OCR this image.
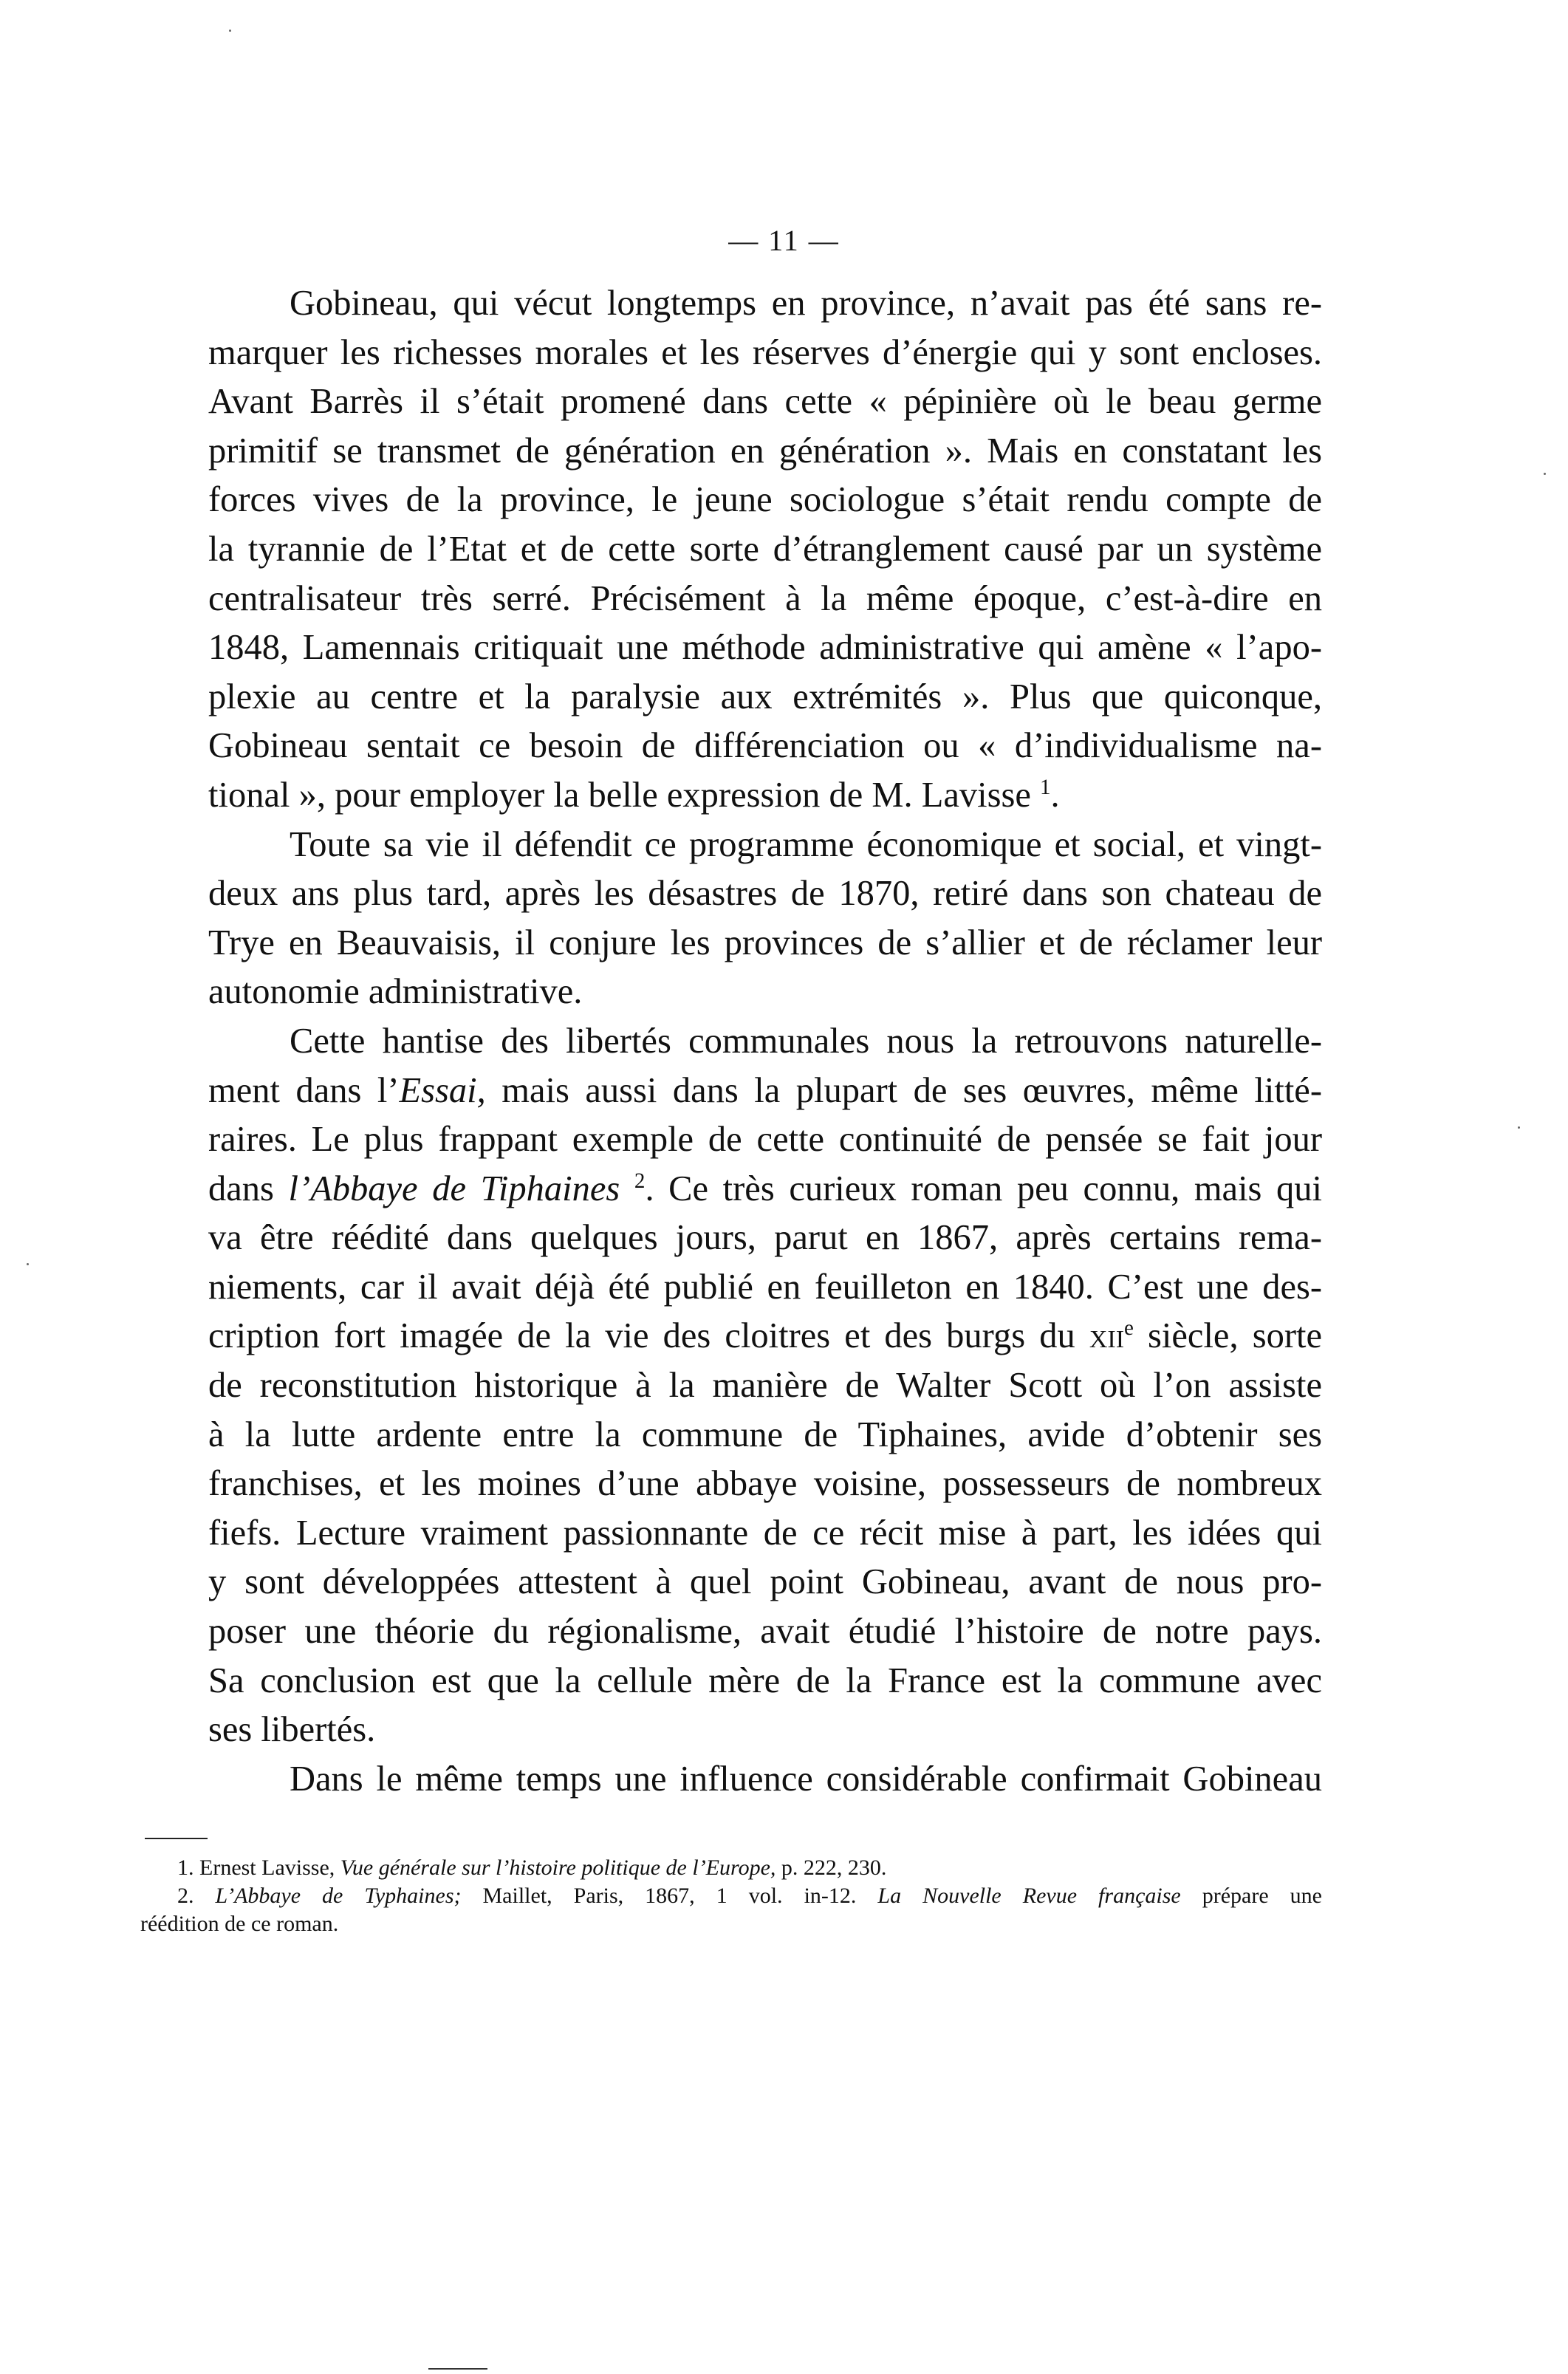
— 11 —

Gobineau, qui vécut longtemps en province, n’avait pas été sans re-
marquer les richesses morales et les réserves d’énergie qui y sont encloses.
Avant Barrès il s’était promené dans cette « pépinière où le beau germe
primitif se transmet de génération en génération ». Mais en constatant les
forces vives de la province, le jeune sociologue s’était rendu compte de
la tyrannie de l’Etat et de cette sorte d’étranglement causé par un système
centralisateur très serré. Précisément à la même époque, c’est-à-dire en
1848, Lamennais critiquait une méthode administrative qui amène « l’apo-
plexie au centre et la paralysie aux extrémités ». Plus que quiconque,
Gobineau sentait ce besoin de différenciation ou « d’individualisme na-
tional », pour employer la belle expression de M. Lavisse $^1$.

Toute sa vie il défendit ce programme économique et social, et vingt-
deux ans plus tard, après les désastres de 1870, retiré dans son chateau de
Trye en Beauvaisis, il conjure les provinces de s’allier et de réclamer leur
autonomie administrative.

Cette hantise des libertés communales nous la retrouvons naturelle-
ment dans l’Essai, mais aussi dans la plupart de ses œuvres, même litté-
raires. Le plus frappant exemple de cette continuité de pensée se fait jour
dans l’Abbaye de Tiphaines $^2$. Ce très curieux roman peu connu, mais qui
va être réédité dans quelques jours, parut en 1867, après certains rema-
niements, car il avait déjà été publié en feuilleton en 1840. C’est une des-
cription fort imagée de la vie des cloitres et des burgs du xii$^e$ siècle, sorte
de reconstitution historique à la manière de Walter Scott où l’on assiste
à la lutte ardente entre la commune de Tiphaines, avide d’obtenir ses
franchises, et les moines d’une abbaye voisine, possesseurs de nombreux
fiefs. Lecture vraiment passionnante de ce récit mise à part, les idées qui
y sont développées attestent à quel point Gobineau, avant de nous pro-
poser une théorie du régionalisme, avait étudié l’histoire de notre pays.
Sa conclusion est que la cellule mère de la France est la commune avec
ses libertés.

Dans le même temps une influence considérable confirmait Gobineau

1. Ernest Lavisse, Vue générale sur l’histoire politique de l’Europe, p. 222, 230.
2. L’Abbaye de Typhaines; Maillet, Paris, 1867, 1 vol. in-12. La Nouvelle Revue française prépare une
réédition de ce roman.
